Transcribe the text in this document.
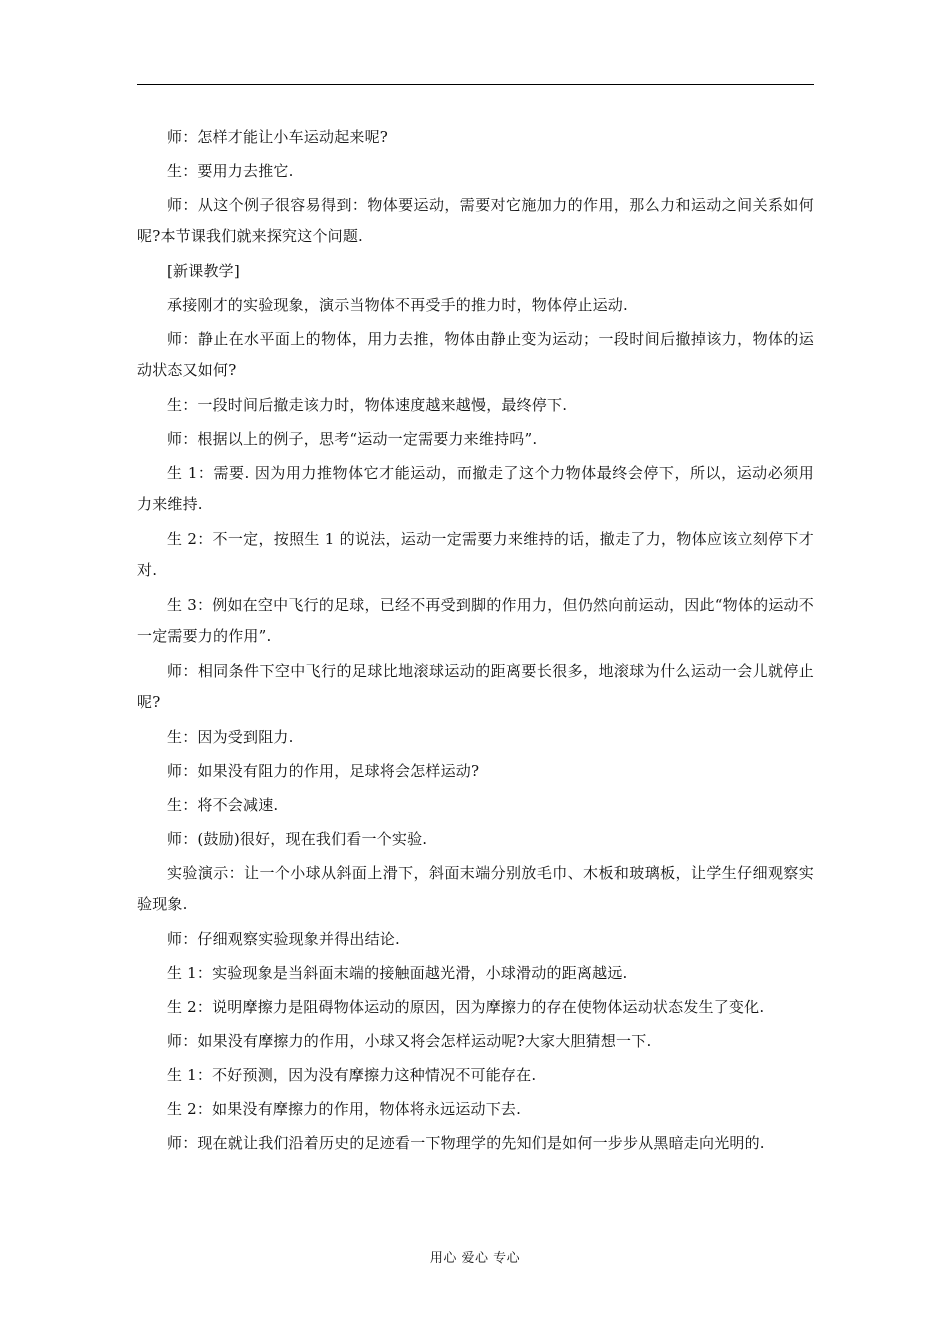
师：怎样才能让小车运动起来呢?

生：要用力去推它.

师：从这个例子很容易得到：物体要运动，需要对它施加力的作用，那么力和运动之间关系如何呢?本节课我们就来探究这个问题.

[新课教学]

承接刚才的实验现象，演示当物体不再受手的推力时，物体停止运动.

师：静止在水平面上的物体，用力去推，物体由静止变为运动；一段时间后撤掉该力，物体的运动状态又如何?

生：一段时间后撤走该力时，物体速度越来越慢，最终停下.

师：根据以上的例子，思考“运动一定需要力来维持吗”.

生 1：需要. 因为用力推物体它才能运动，而撤走了这个力物体最终会停下，所以，运动必须用力来维持.

生 2：不一定，按照生 1 的说法，运动一定需要力来维持的话，撤走了力，物体应该立刻停下才对.

生 3：例如在空中飞行的足球，已经不再受到脚的作用力，但仍然向前运动，因此“物体的运动不一定需要力的作用”.

师：相同条件下空中飞行的足球比地滚球运动的距离要长很多，地滚球为什么运动一会儿就停止呢?

生：因为受到阻力.

师：如果没有阻力的作用，足球将会怎样运动?

生：将不会减速.

师：(鼓励)很好，现在我们看一个实验.

实验演示：让一个小球从斜面上滑下，斜面末端分别放毛巾、木板和玻璃板，让学生仔细观察实验现象.

师：仔细观察实验现象并得出结论.

生 1：实验现象是当斜面末端的接触面越光滑，小球滑动的距离越远.

生 2：说明摩擦力是阻碍物体运动的原因，因为摩擦力的存在使物体运动状态发生了变化.

师：如果没有摩擦力的作用，小球又将会怎样运动呢?大家大胆猜想一下.

生 1：不好预测，因为没有摩擦力这种情况不可能存在.

生 2：如果没有摩擦力的作用，物体将永远运动下去.

师：现在就让我们沿着历史的足迹看一下物理学的先知们是如何一步步从黑暗走向光明的.

用心 爱心 专心
